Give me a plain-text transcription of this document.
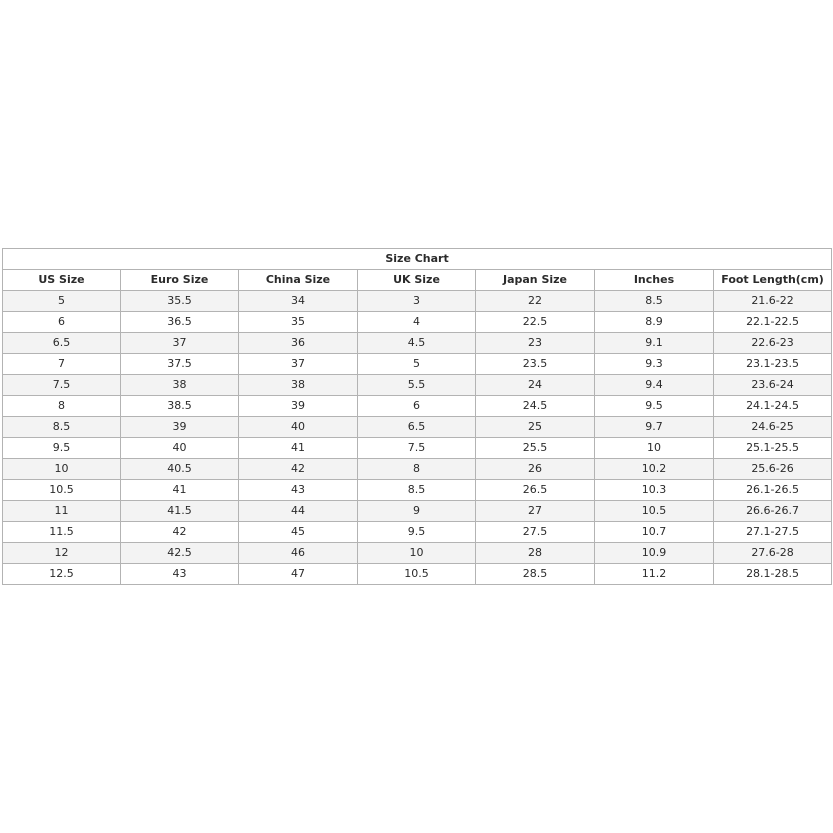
Size Chart						
US Size	Euro Size	China Size	UK Size	Japan Size	Inches	Foot Length(cm)
5	35.5	34	3	22	8.5	21.6-22
6	36.5	35	4	22.5	8.9	22.1-22.5
6.5	37	36	4.5	23	9.1	22.6-23
7	37.5	37	5	23.5	9.3	23.1-23.5
7.5	38	38	5.5	24	9.4	23.6-24
8	38.5	39	6	24.5	9.5	24.1-24.5
8.5	39	40	6.5	25	9.7	24.6-25
9.5	40	41	7.5	25.5	10	25.1-25.5
10	40.5	42	8	26	10.2	25.6-26
10.5	41	43	8.5	26.5	10.3	26.1-26.5
11	41.5	44	9	27	10.5	26.6-26.7
11.5	42	45	9.5	27.5	10.7	27.1-27.5
12	42.5	46	10	28	10.9	27.6-28
12.5	43	47	10.5	28.5	11.2	28.1-28.5
